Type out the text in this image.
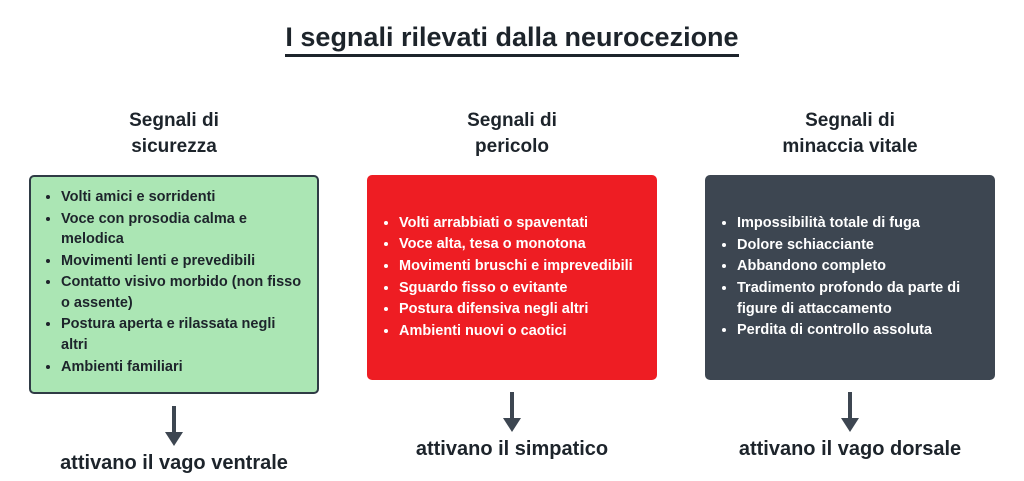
I segnali rilevati dalla neurocezione
Segnali di
sicurezza
• Volti amici e sorridenti
• Voce con prosodia calma e melodica
• Movimenti lenti e prevedibili
• Contatto visivo morbido (non fisso o assente)
• Postura aperta e rilassata negli altri
• Ambienti familiari
attivano il vago ventrale
Segnali di
pericolo
• Volti arrabbiati o spaventati
• Voce alta, tesa o monotona
• Movimenti bruschi e imprevedibili
• Sguardo fisso o evitante
• Postura difensiva negli altri
• Ambienti nuovi o caotici
attivano il simpatico
Segnali di
minaccia vitale
• Impossibilità totale di fuga
• Dolore schiacciante
• Abbandono completo
• Tradimento profondo da parte di figure di attaccamento
• Perdita di controllo assoluta
attivano il vago dorsale
